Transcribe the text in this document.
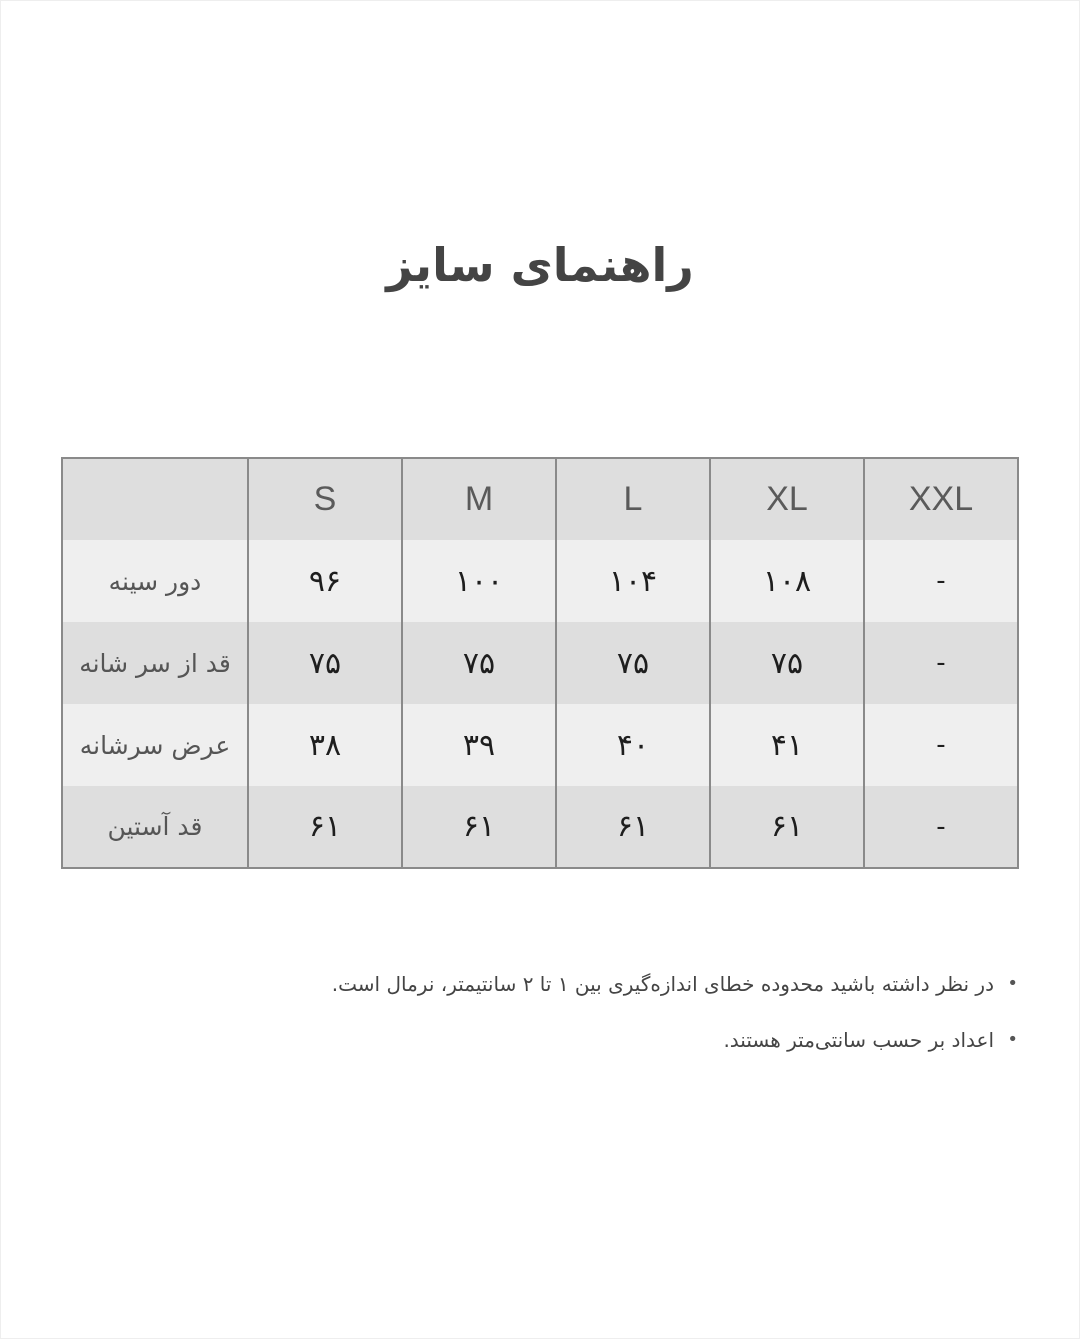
راهنمای سایز
	S	M	L	XL	XXL
دور سینه	۹۶	۱۰۰	۱۰۴	۱۰۸	-
قد از سر شانه	۷۵	۷۵	۷۵	۷۵	-
عرض سرشانه	۳۸	۳۹	۴۰	۴۱	-
قد آستین	۶۱	۶۱	۶۱	۶۱	-
•
در نظر داشته باشید محدوده خطای اندازه‌گیری بین ۱ تا ۲ سانتیمتر، نرمال است.
•
اعداد بر حسب سانتی‌متر هستند.
